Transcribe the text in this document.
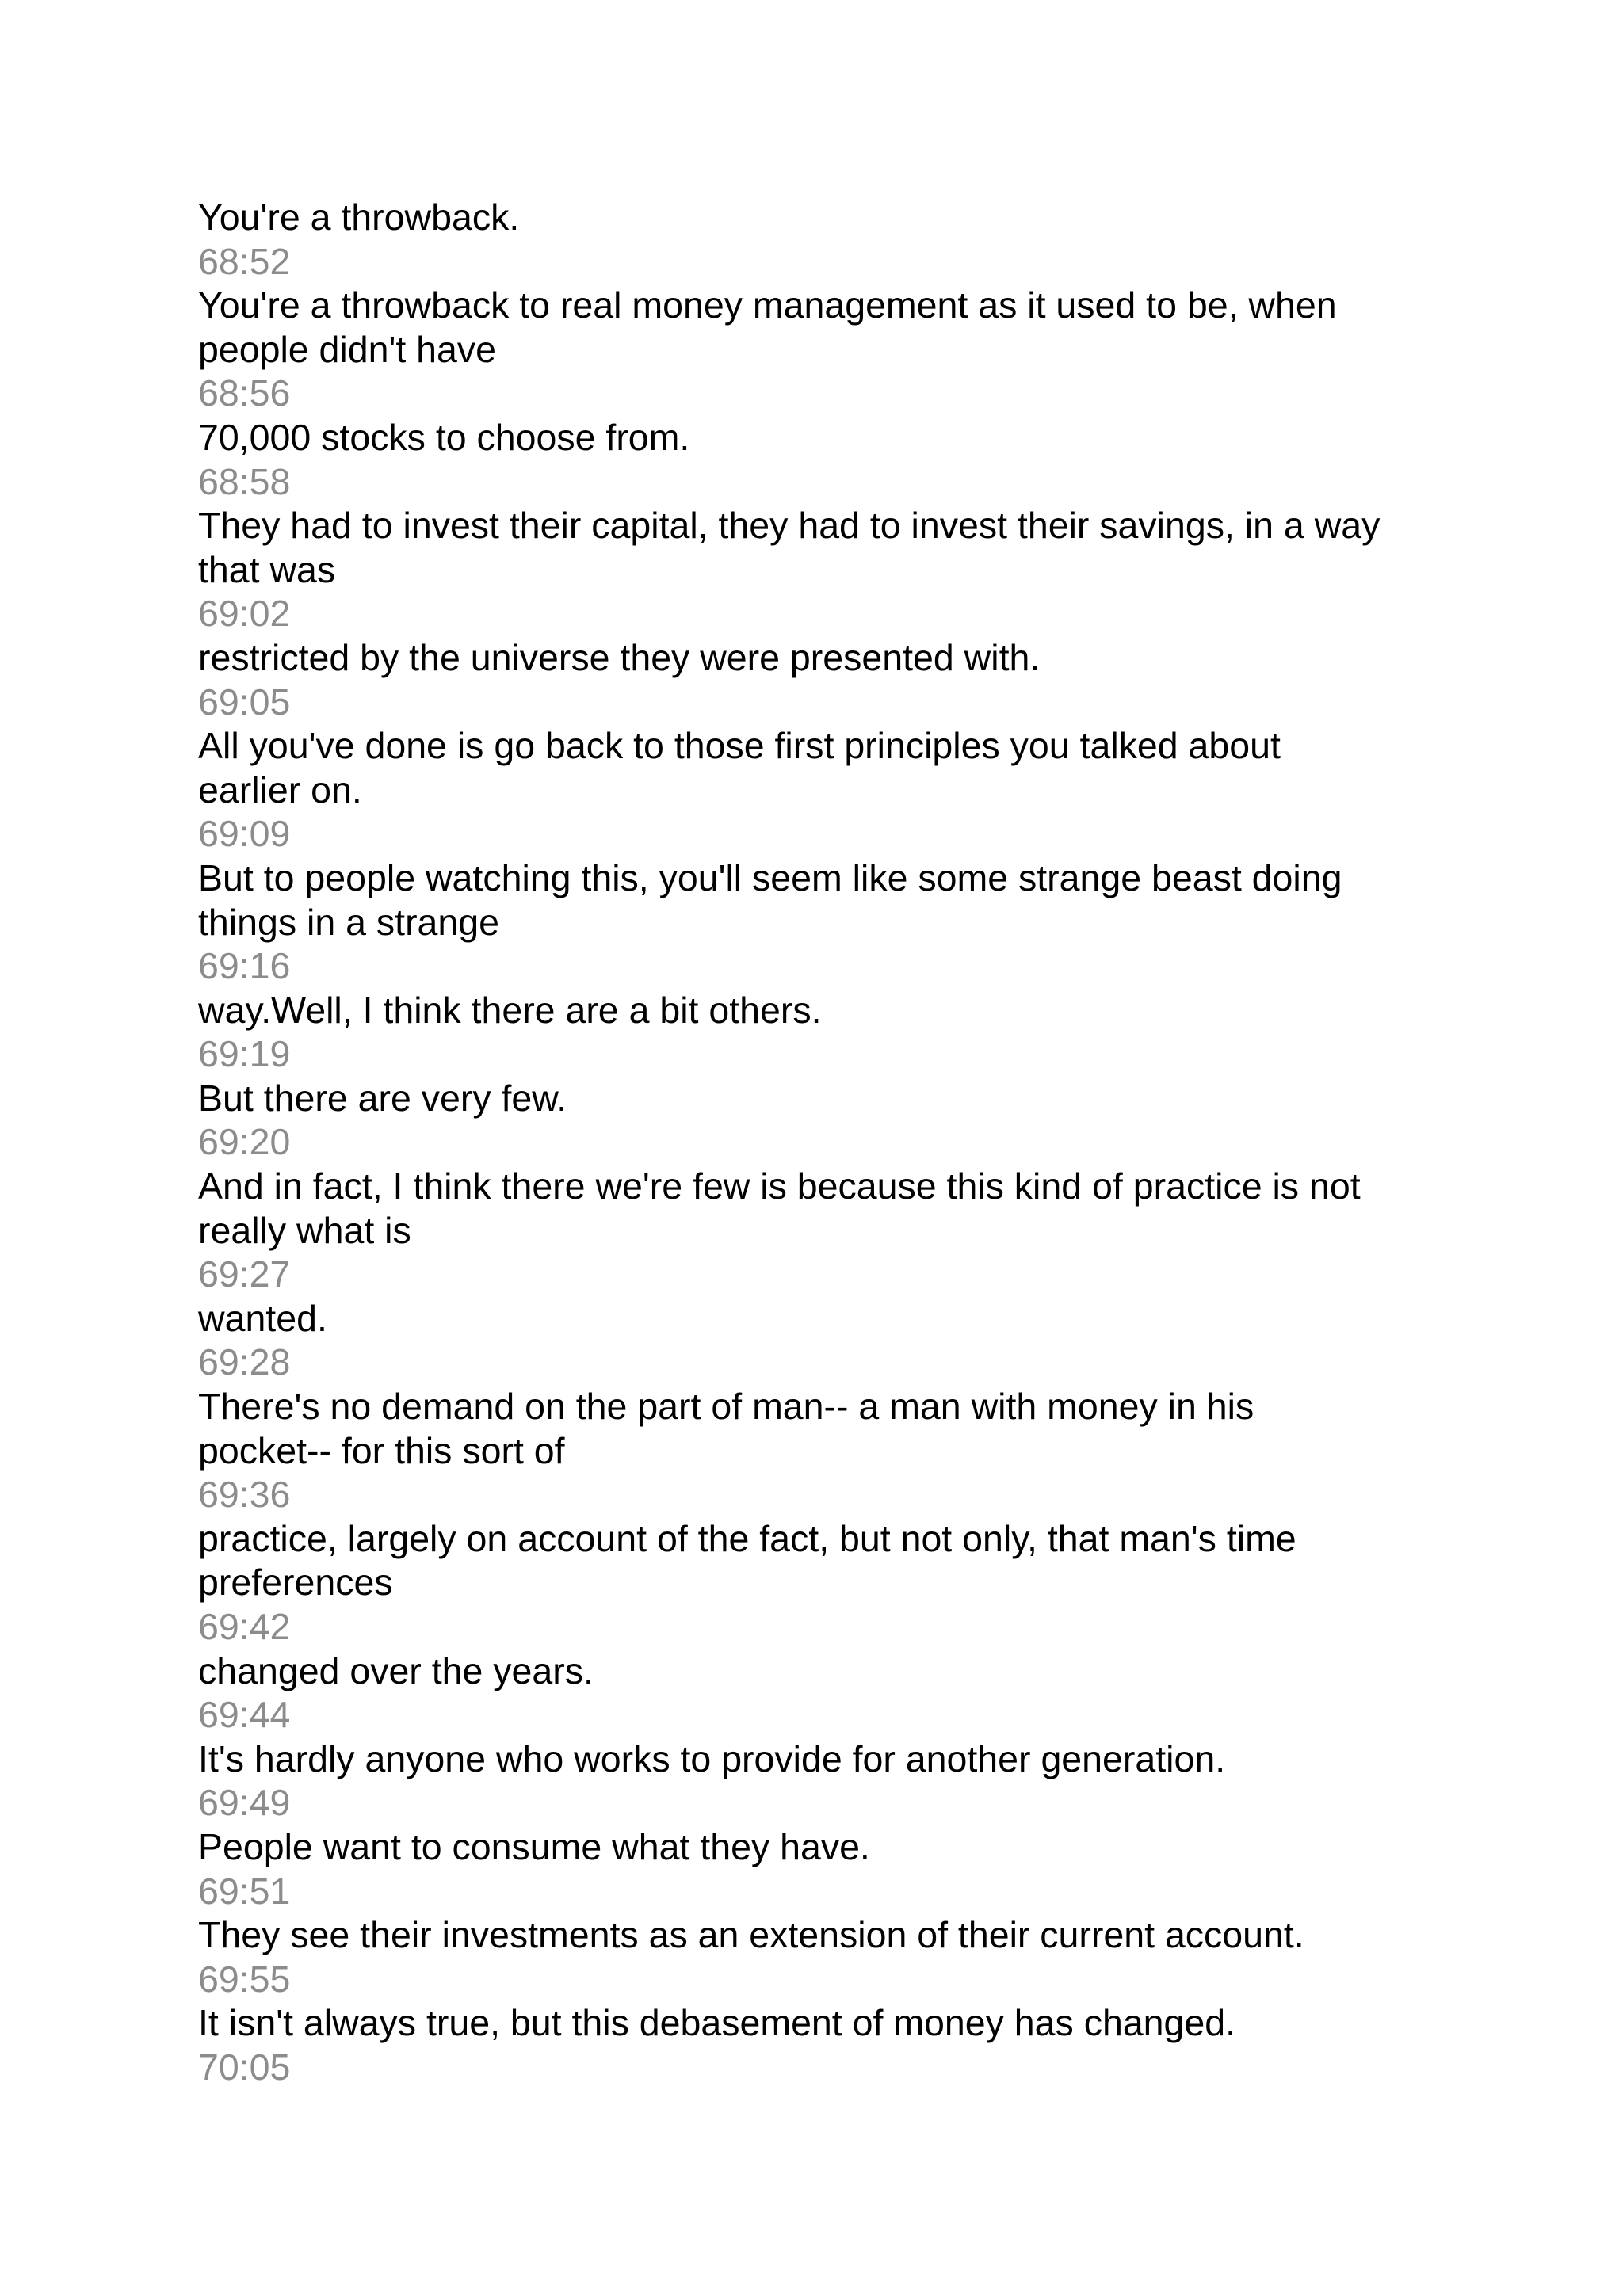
You're a throwback.
68:52
You're a throwback to real money management as it used to be, when
people didn't have
68:56
70,000 stocks to choose from.
68:58
They had to invest their capital, they had to invest their savings, in a way
that was
69:02
restricted by the universe they were presented with.
69:05
All you've done is go back to those first principles you talked about
earlier on.
69:09
But to people watching this, you'll seem like some strange beast doing
things in a strange
69:16
way.Well, I think there are a bit others.
69:19
But there are very few.
69:20
And in fact, I think there we're few is because this kind of practice is not
really what is
69:27
wanted.
69:28
There's no demand on the part of man-- a man with money in his
pocket-- for this sort of
69:36
practice, largely on account of the fact, but not only, that man's time
preferences
69:42
changed over the years.
69:44
It's hardly anyone who works to provide for another generation.
69:49
People want to consume what they have.
69:51
They see their investments as an extension of their current account.
69:55
It isn't always true, but this debasement of money has changed.
70:05
